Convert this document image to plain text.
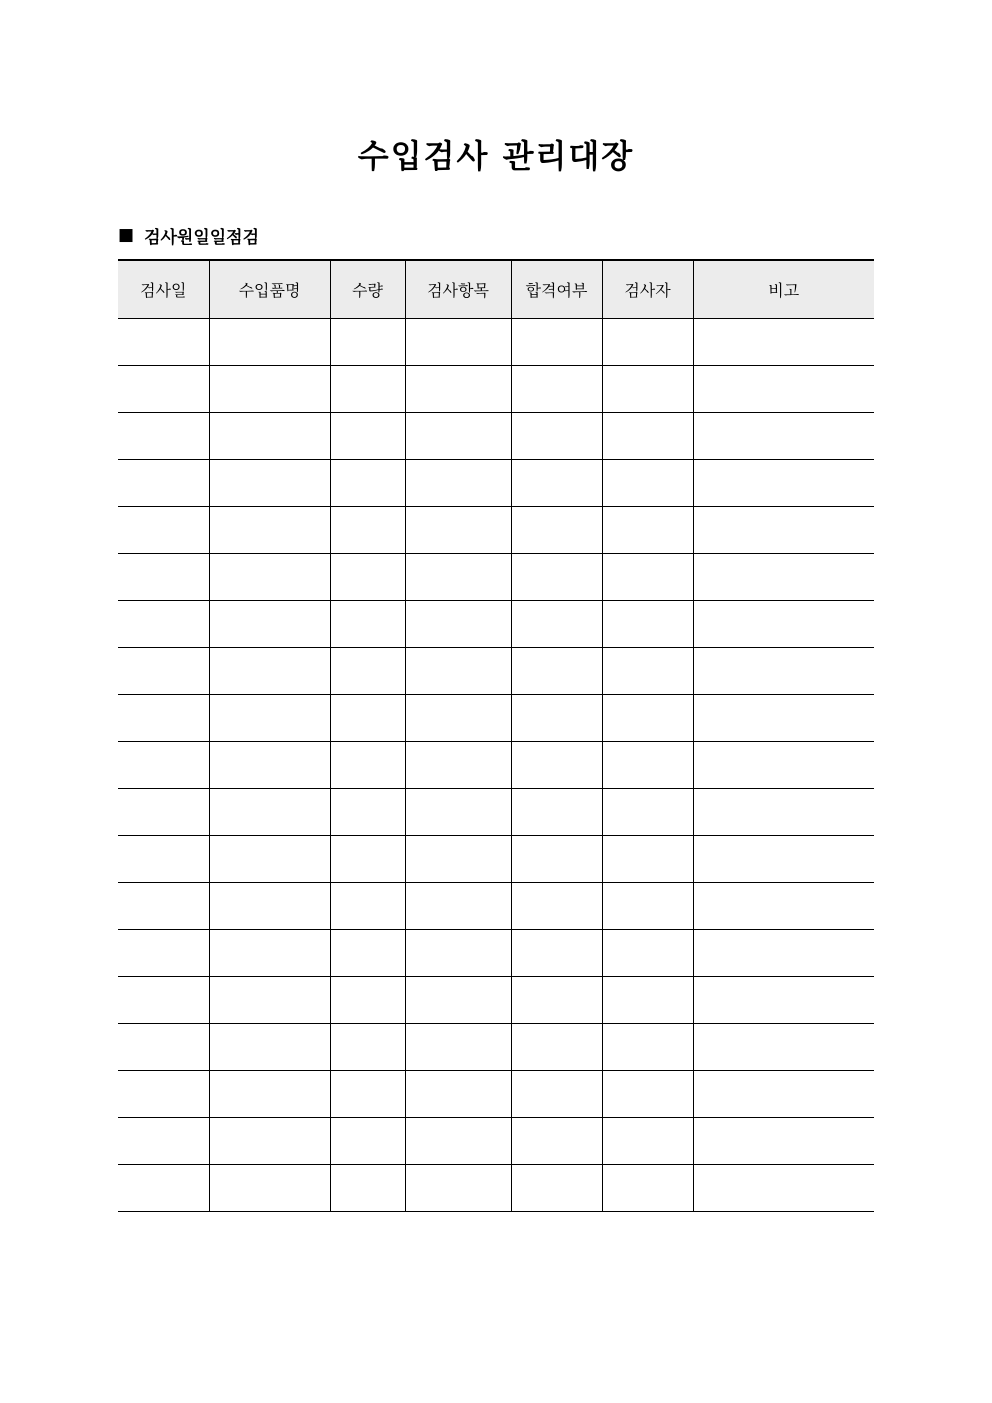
수입검사 관리대장
■ 검사원일일점검
검사일	수입품명	수량	검사항목	합격여부	검사자	비고
